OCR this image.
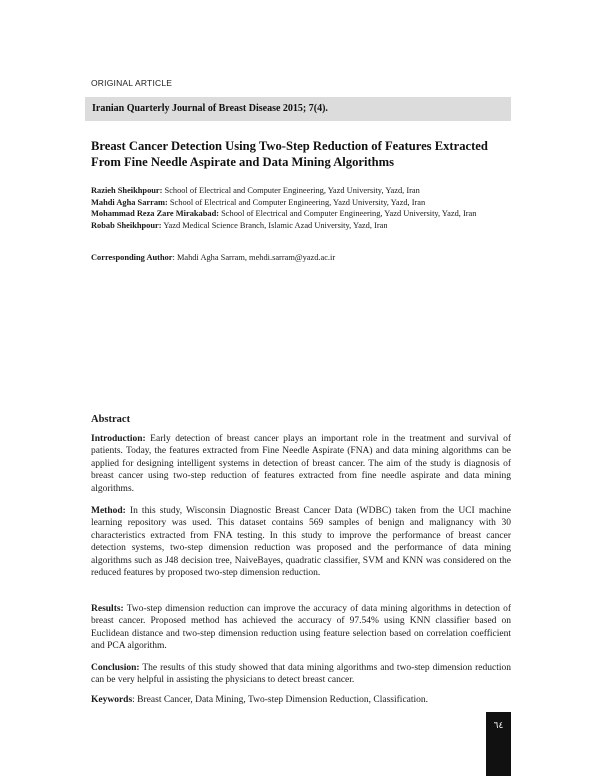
ORIGINAL ARTICLE
Iranian Quarterly Journal of Breast Disease 2015; 7(4).
Breast Cancer Detection Using Two-Step Reduction of Features Extracted From Fine Needle Aspirate and Data Mining Algorithms
Razieh Sheikhpour: School of Electrical and Computer Engineering, Yazd University, Yazd, Iran
Mahdi Agha Sarram: School of Electrical and Computer Engineering, Yazd University, Yazd, Iran
Mohammad Reza Zare Mirakabad: School of Electrical and Computer Engineering, Yazd University, Yazd, Iran
Robab Sheikhpour: Yazd Medical Science Branch, Islamic Azad University, Yazd, Iran
Corresponding Author: Mahdi Agha Sarram, mehdi.sarram@yazd.ac.ir
Abstract

Introduction: Early detection of breast cancer plays an important role in the treatment and survival of patients. Today, the features extracted from Fine Needle Aspirate (FNA) and data mining algorithms can be applied for designing intelligent systems in detection of breast cancer. The aim of the study is diagnosis of breast cancer using two-step reduction of features extracted from fine needle aspirate and data mining algorithms.

Method: In this study, Wisconsin Diagnostic Breast Cancer Data (WDBC) taken from the UCI machine learning repository was used. This dataset contains 569 samples of benign and malignancy with 30 characteristics extracted from FNA testing. In this study to improve the performance of breast cancer detection systems, two-step dimension reduction was proposed and the performance of data mining algorithms such as J48 decision tree, NaiveBayes, quadratic classifier, SVM and KNN was considered on the reduced features by proposed two-step dimension reduction.

Results: Two-step dimension reduction can improve the accuracy of data mining algorithms in detection of breast cancer. Proposed method has achieved the accuracy of 97.54% using KNN classifier based on Euclidean distance and two-step dimension reduction using feature selection based on correlation coefficient and PCA algorithm.

Conclusion: The results of this study showed that data mining algorithms and two-step dimension reduction can be very helpful in assisting the physicians to detect breast cancer.

Keywords: Breast Cancer, Data Mining, Two-step Dimension Reduction, Classification.

٦٤
